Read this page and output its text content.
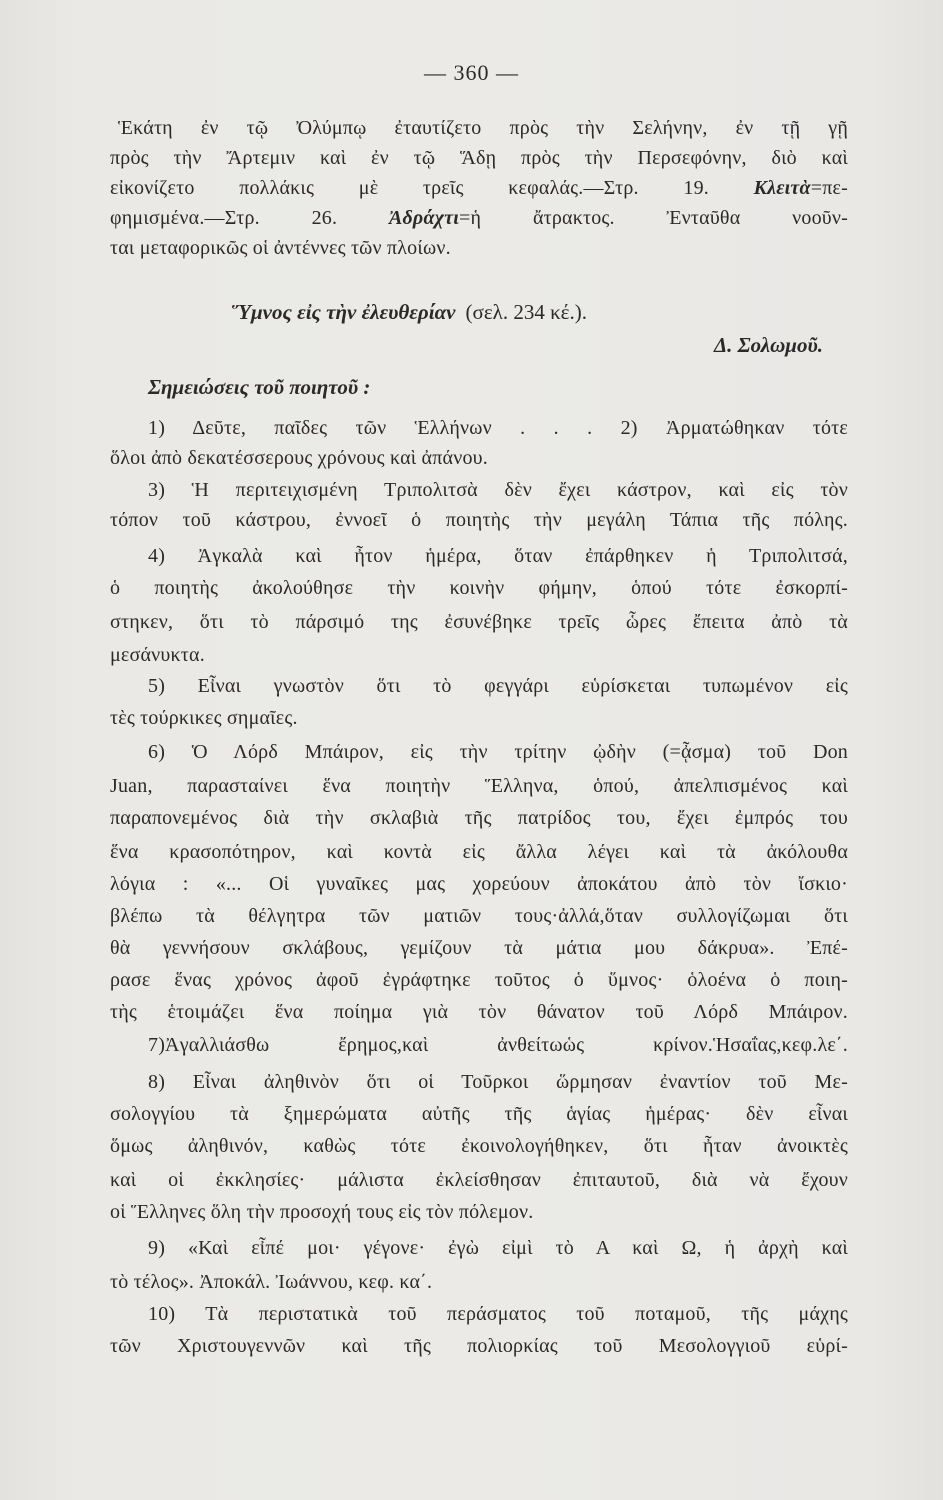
— 360 —
Ἑκάτη ἐν τῷ Ὀλύμπῳ ἐταυτίζετο πρὸς τὴν Σελήνην, ἐν τῇ γῇ
πρὸς τὴν Ἄρτεμιν καὶ ἐν τῷ Ἅδῃ πρὸς τὴν Περσεφόνην, διὸ καὶ
εἰκονίζετο πολλάκις μὲ τρεῖς κεφαλάς.—Στρ. 19. Κλειτὰ=πε-
φημισμένα.—Στρ. 26. Ἀδράχτι=ἡ ἄτρακτος. Ἐνταῦθα νοοῦν-
ται μεταφορικῶς οἱ ἀντέννες τῶν πλοίων.
Ὕμνος εἰς τὴν ἐλευθερίαν (σελ. 234 κέ.).
Δ. Σολωμοῦ.
Σημειώσεις τοῦ ποιητοῦ :
1) Δεῦτε, παῖδες τῶν Ἑλλήνων . . . 2) Ἀρματώθηκαν τότε
ὅλοι ἀπὸ δεκατέσσερους χρόνους καὶ ἀπάνου.
3) Ἡ περιτειχισμένη Τριπολιτσὰ δὲν ἔχει κάστρον, καὶ εἰς τὸν
τόπον τοῦ κάστρου, ἐννοεῖ ὁ ποιητὴς τὴν μεγάλη Τάπια τῆς πόλης.
4) Ἀγκαλὰ καὶ ἦτον ἡμέρα, ὅταν ἐπάρθηκεν ἡ Τριπολιτσά,
ὁ ποιητὴς ἀκολούθησε τὴν κοινὴν φήμην, ὁπού τότε ἐσκορπί-
στηκεν, ὅτι τὸ πάρσιμό της ἐσυνέβηκε τρεῖς ὧρες ἔπειτα ἀπὸ τὰ
μεσάνυκτα.
5) Εἶναι γνωστὸν ὅτι τὸ φεγγάρι εὑρίσκεται τυπωμένον εἰς
τὲς τούρκικες σημαῖες.
6) Ὁ Λόρδ Μπάιρον, εἰς τὴν τρίτην ᾠδὴν (=ᾆσμα) τοῦ Don
Juan, παρασταίνει ἕνα ποιητὴν Ἕλληνα, ὁπού, ἀπελπισμένος καὶ
παραπονεμένος διὰ τὴν σκλαβιὰ τῆς πατρίδος του, ἔχει ἐμπρός του
ἕνα κρασοπότηρον, καὶ κοντὰ εἰς ἄλλα λέγει καὶ τὰ ἀκόλουθα
λόγια : «... Οἱ γυναῖκες μας χορεύουν ἀποκάτου ἀπὸ τὸν ἴσκιο·
βλέπω τὰ θέλγητρα τῶν ματιῶν τους·ἀλλά,ὅταν συλλογίζωμαι ὅτι
θὰ γεννήσουν σκλάβους, γεμίζουν τὰ μάτια μου δάκρυα». Ἐπέ-
ρασε ἕνας χρόνος ἀφοῦ ἐγράφτηκε τοῦτος ὁ ὕμνος· ὁλοένα ὁ ποιη-
τὴς ἑτοιμάζει ἕνα ποίημα γιὰ τὸν θάνατον τοῦ Λόρδ Μπάιρον.
7)Ἀγαλλιάσθω ἔρημος,καὶ ἀνθείτωὡς κρίνον.Ἡσαΐας,κεφ.λε΄.
8) Εἶναι ἀληθινὸν ὅτι οἱ Τοῦρκοι ὥρμησαν ἐναντίον τοῦ Με-
σολογγίου τὰ ξημερώματα αὐτῆς τῆς ἁγίας ἡμέρας· δὲν εἶναι
ὅμως ἀληθινόν, καθὼς τότε ἐκοινολογήθηκεν, ὅτι ἦταν ἀνοικτὲς
καὶ οἱ ἐκκλησίες· μάλιστα ἐκλείσθησαν ἐπιταυτοῦ, διὰ νὰ ἔχουν
οἱ Ἕλληνες ὅλη τὴν προσοχή τους εἰς τὸν πόλεμον.
9) «Καὶ εἶπέ μοι· γέγονε· ἐγὼ εἰμὶ τὸ Α καὶ Ω, ἡ ἀρχὴ καὶ
τὸ τέλος». Ἀποκάλ. Ἰωάννου, κεφ. κα΄.
10) Τὰ περιστατικὰ τοῦ περάσματος τοῦ ποταμοῦ, τῆς μάχης
τῶν Χριστουγεννῶν καὶ τῆς πολιορκίας τοῦ Μεσολογγιοῦ εὑρί-
